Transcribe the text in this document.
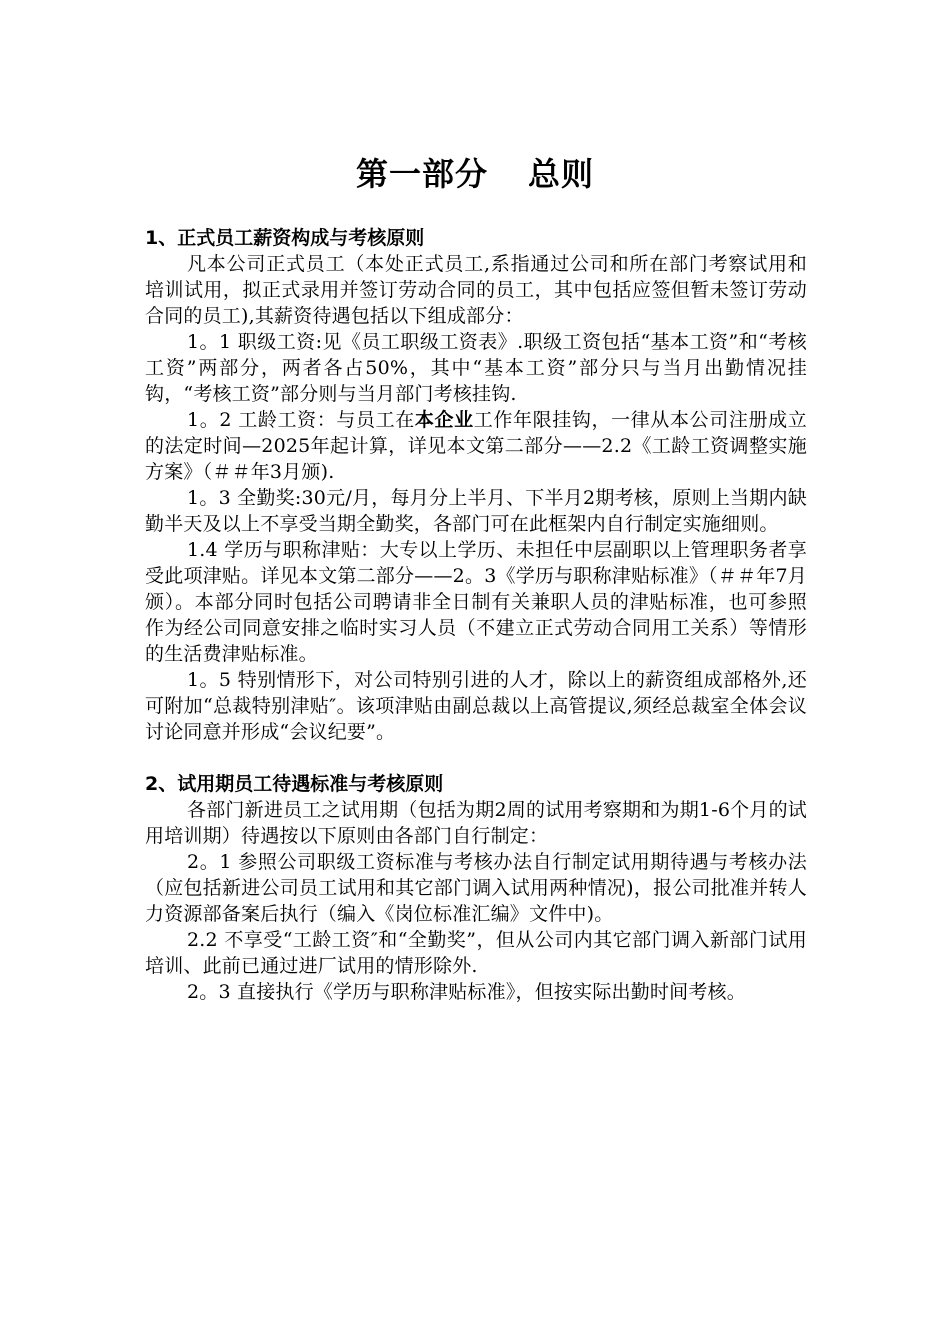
第一部分 总则

1、正式员工薪资构成与考核原则

凡本公司正式员工（本处正式员工,系指通过公司和所在部门考察试用和培训试用，拟正式录用并签订劳动合同的员工，其中包括应签但暂未签订劳动合同的员工),其薪资待遇包括以下组成部分：

1。1 职级工资:见《员工职级工资表》.职级工资包括“基本工资”和“考核工资”两部分，两者各占50%，其中“基本工资”部分只与当月出勤情况挂钩，“考核工资”部分则与当月部门考核挂钩.

1。2 工龄工资：与员工在本企业工作年限挂钩，一律从本公司注册成立的法定时间—2025年起计算，详见本文第二部分——2.2《工龄工资调整实施方案》（＃＃年3月颁).

1。3 全勤奖:30元/月，每月分上半月、下半月2期考核，原则上当期内缺勤半天及以上不享受当期全勤奖，各部门可在此框架内自行制定实施细则。

1.4 学历与职称津贴：大专以上学历、未担任中层副职以上管理职务者享受此项津贴。详见本文第二部分——2。3《学历与职称津贴标准》（＃＃年7月颁）。本部分同时包括公司聘请非全日制有关兼职人员的津贴标准，也可参照作为经公司同意安排之临时实习人员（不建立正式劳动合同用工关系）等情形的生活费津贴标准。

1。5 特别情形下，对公司特别引进的人才，除以上的薪资组成部格外,还可附加“总裁特别津贴″。该项津贴由副总裁以上高管提议,须经总裁室全体会议讨论同意并形成“会议纪要”。

2、试用期员工待遇标准与考核原则

各部门新进员工之试用期（包括为期2周的试用考察期和为期1-6个月的试用培训期）待遇按以下原则由各部门自行制定：

2。1 参照公司职级工资标准与考核办法自行制定试用期待遇与考核办法（应包括新进公司员工试用和其它部门调入试用两种情况)，报公司批准并转人力资源部备案后执行（编入《岗位标准汇编》文件中)。

2.2 不享受“工龄工资″和“全勤奖”，但从公司内其它部门调入新部门试用培训、此前已通过进厂试用的情形除外.

2。3 直接执行《学历与职称津贴标准》，但按实际出勤时间考核。
